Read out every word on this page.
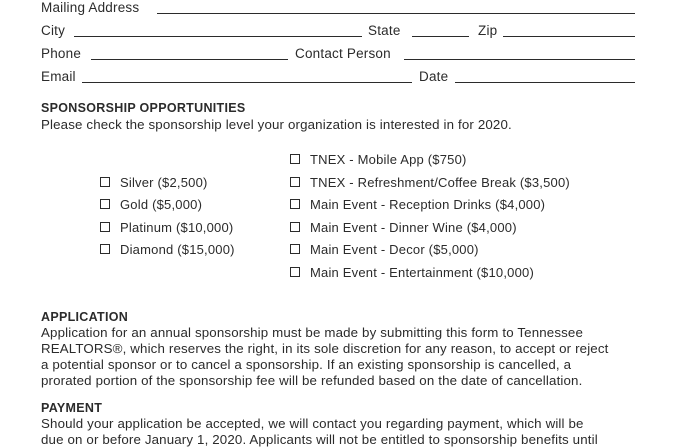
Mailing Address
City	State	Zip
Phone	Contact Person
Email	Date
SPONSORSHIP OPPORTUNITIES
Please check the sponsorship level your organization is interested in for 2020.
Silver ($2,500)
Gold ($5,000)
Platinum ($10,000)
Diamond ($15,000)
TNEX - Mobile App ($750)
TNEX - Refreshment/Coffee Break ($3,500)
Main Event - Reception Drinks ($4,000)
Main Event - Dinner Wine ($4,000)
Main Event - Decor ($5,000)
Main Event - Entertainment ($10,000)
APPLICATION
Application for an annual sponsorship must be made by submitting this form to Tennessee
REALTORS®, which reserves the right, in its sole discretion for any reason, to accept or reject
a potential sponsor or to cancel a sponsorship. If an existing sponsorship is cancelled, a
prorated portion of the sponsorship fee will be refunded based on the date of cancellation.
PAYMENT
Should your application be accepted, we will contact you regarding payment, which will be
due on or before January 1, 2020. Applicants will not be entitled to sponsorship benefits until
